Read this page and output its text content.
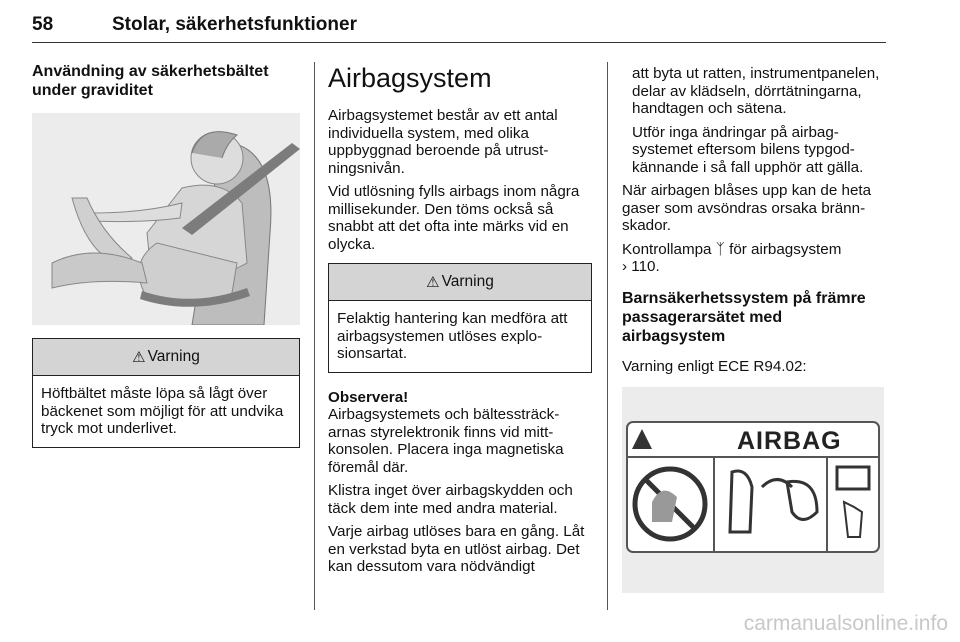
58	Stolar, säkerhetsfunktioner
Användning av säkerhetsbältet under graviditet
⚠ Varning
Höftbältet måste löpa så lågt över bäckenet som möjligt för att undvika tryck mot underlivet.
Airbagsystem

Airbagsystemet består av ett antal individuella system, med olika uppbyggnad beroende på utrustningsnivån.

Vid utlösning fylls airbags inom några millisekunder. Den töms också så snabbt att det ofta inte märks vid en olycka.

⚠ Varning
Felaktig hantering kan medföra att airbagsystemen utlöses explosionsartat.

Observera!

Airbagsystemets och bältessträckarnas styrelektronik finns vid mittkonsolen. Placera inga magnetiska föremål där.

Klistra inget över airbagskydden och täck dem inte med andra material.

Varje airbag utlöses bara en gång. Låt en verkstad byta en utlöst airbag. Det kan dessutom vara nödvändigt

att byta ut ratten, instrumentpanelen, delar av klädseln, dörrtätningarna, handtagen och sätena.

Utför inga ändringar på airbagsystemet eftersom bilens typgodkännande i så fall upphör att gälla.

När airbagen blåses upp kan de heta gaser som avsöndras orsaka brännskador.

Kontrollampa ᛉ för airbagsystem
› 110.

Barnsäkerhetssystem på främre passagerarsätet med airbagsystem

Varning enligt ECE R94.02:

AIRBAG
carmanualsonline.info
